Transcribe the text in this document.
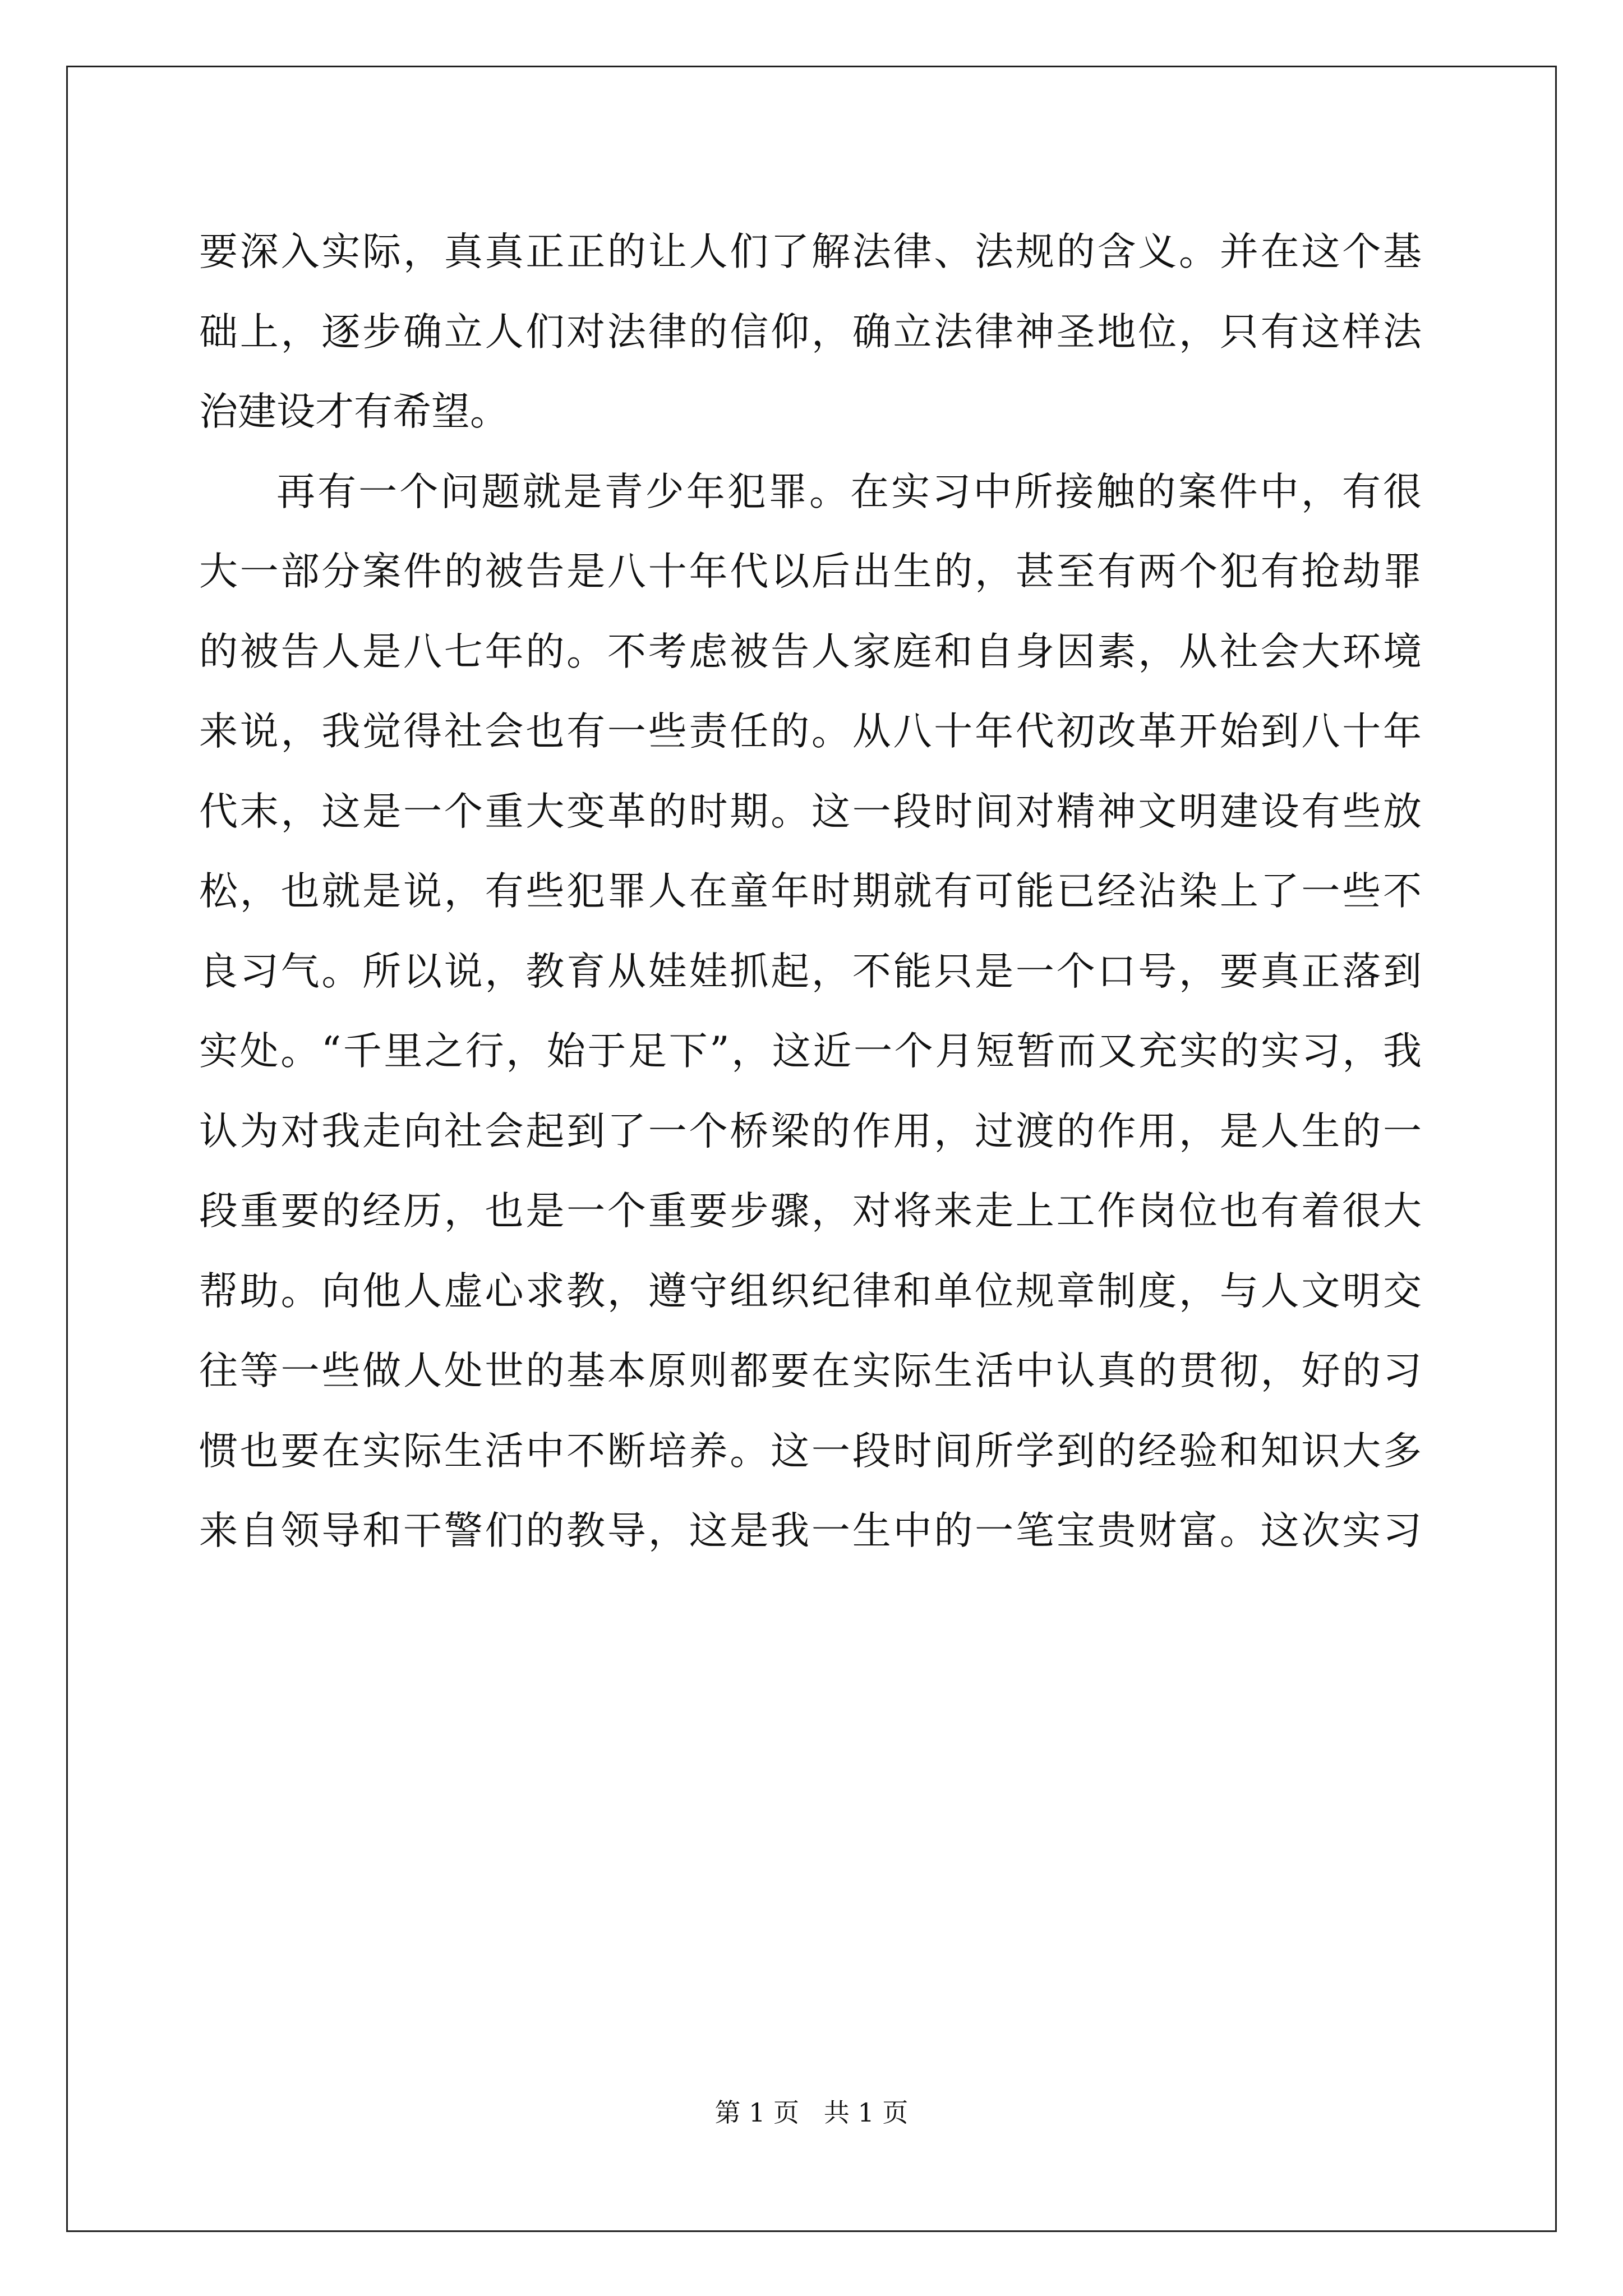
要深入实际，真真正正的让人们了解法律、法规的含义。并在这个基
础上，逐步确立人们对法律的信仰，确立法律神圣地位，只有这样法
治建设才有希望。
再有一个问题就是青少年犯罪。在实习中所接触的案件中，有很
大一部分案件的被告是八十年代以后出生的，甚至有两个犯有抢劫罪
的被告人是八七年的。不考虑被告人家庭和自身因素，从社会大环境
来说，我觉得社会也有一些责任的。从八十年代初改革开始到八十年
代末，这是一个重大变革的时期。这一段时间对精神文明建设有些放
松，也就是说，有些犯罪人在童年时期就有可能已经沾染上了一些不
良习气。所以说，教育从娃娃抓起，不能只是一个口号，要真正落到
实处。“千里之行，始于足下”，这近一个月短暂而又充实的实习，我
认为对我走向社会起到了一个桥梁的作用，过渡的作用，是人生的一
段重要的经历，也是一个重要步骤，对将来走上工作岗位也有着很大
帮助。向他人虚心求教，遵守组织纪律和单位规章制度，与人文明交
往等一些做人处世的基本原则都要在实际生活中认真的贯彻，好的习
惯也要在实际生活中不断培养。这一段时间所学到的经验和知识大多
来自领导和干警们的教导，这是我一生中的一笔宝贵财富。这次实习
第 1 页   共 1 页
